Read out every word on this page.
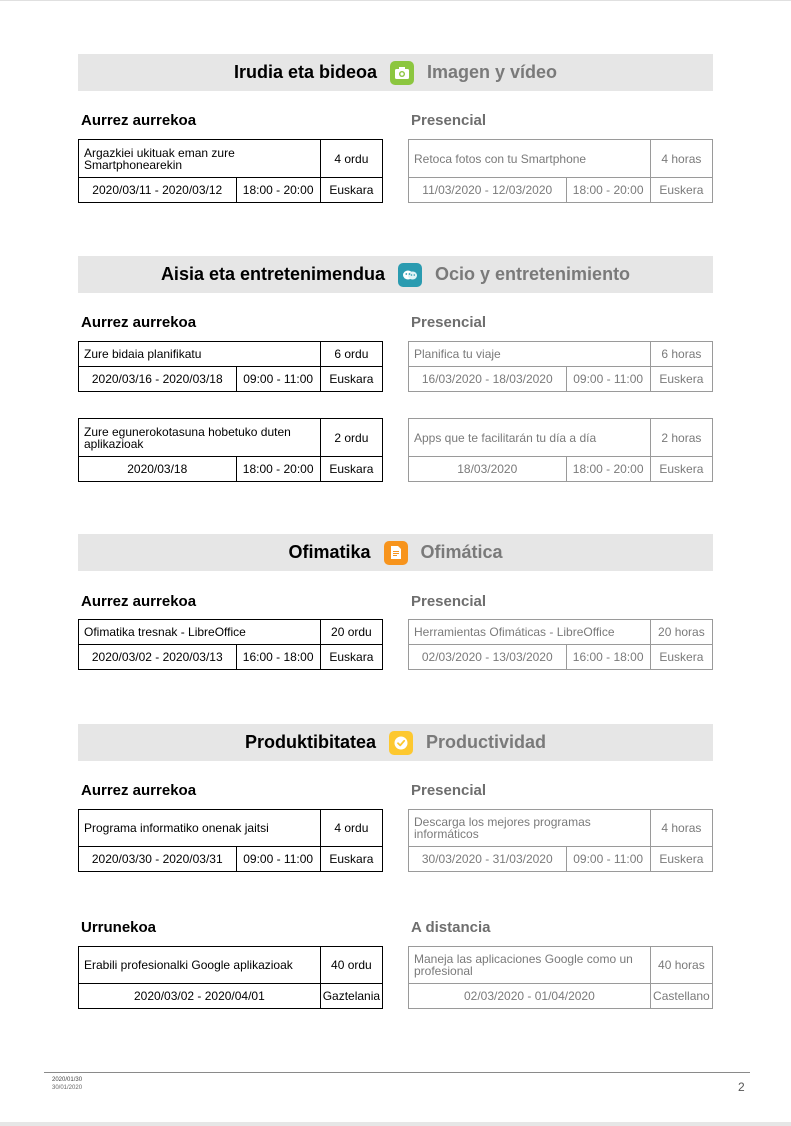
Irudia eta bideoa	Imagen y vídeo
Aurrez aurrekoa	Presencial
Argazkiei ukituak eman zure Smartphonearekin		4 ordu
2020/03/11 - 2020/03/12	18:00 - 20:00	Euskara
Retoca fotos con tu Smartphone		4 horas
11/03/2020 - 12/03/2020	18:00 - 20:00	Euskera
Aisia eta entretenimendua	Ocio y entretenimiento
Aurrez aurrekoa	Presencial
Zure bidaia planifikatu		6 ordu
2020/03/16 - 2020/03/18	09:00 - 11:00	Euskara
Planifica tu viaje		6 horas
16/03/2020 - 18/03/2020	09:00 - 11:00	Euskera
Zure egunerokotasuna hobetuko duten aplikazioak		2 ordu
2020/03/18	18:00 - 20:00	Euskara
Apps que te facilitarán tu día a día		2 horas
18/03/2020	18:00 - 20:00	Euskera
Ofimatika	Ofimática
Aurrez aurrekoa	Presencial
Ofimatika tresnak - LibreOffice		20 ordu
2020/03/02 - 2020/03/13	16:00 - 18:00	Euskara
Herramientas Ofimáticas - LibreOffice		20 horas
02/03/2020 - 13/03/2020	16:00 - 18:00	Euskera
Produktibitatea	Productividad
Aurrez aurrekoa	Presencial
Programa informatiko onenak jaitsi		4 ordu
2020/03/30 - 2020/03/31	09:00 - 11:00	Euskara
Descarga los mejores programas informáticos		4 horas
30/03/2020 - 31/03/2020	09:00 - 11:00	Euskera
Urrunekoa	A distancia
Erabili profesionalki Google aplikazioak	40 ordu
2020/03/02 - 2020/04/01	Gaztelania
Maneja las aplicaciones Google como un profesional	40 horas
02/03/2020 - 01/04/2020	Castellano
2020/01/30
30/01/2020	2
